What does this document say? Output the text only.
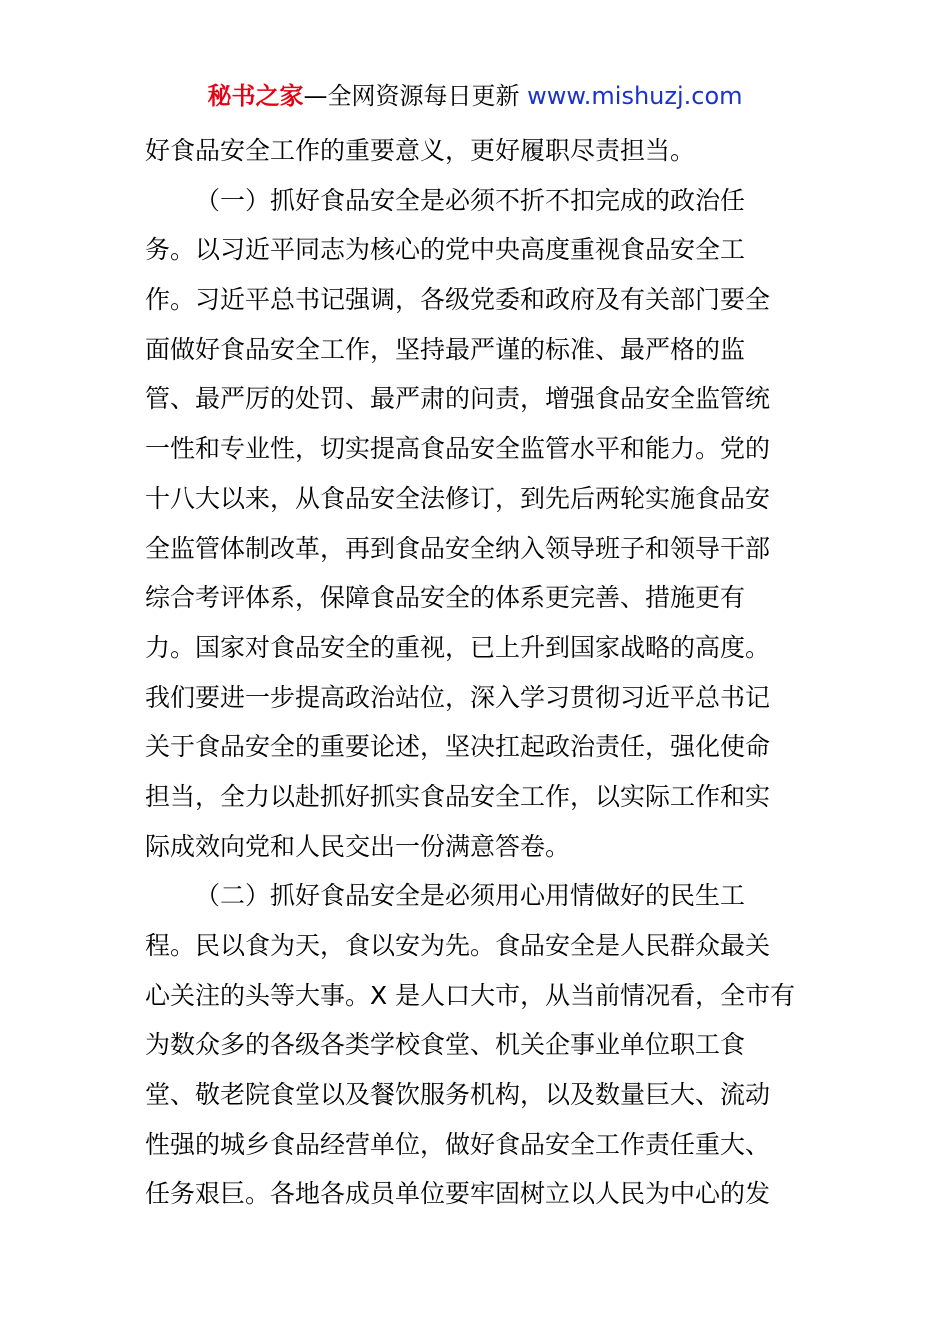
秘书之家—全网资源每日更新 www.mishuzj.com
好食品安全工作的重要意义，更好履职尽责担当。
（一）抓好食品安全是必须不折不扣完成的政治任
务。以习近平同志为核心的党中央高度重视食品安全工
作。习近平总书记强调，各级党委和政府及有关部门要全
面做好食品安全工作，坚持最严谨的标准、最严格的监
管、最严厉的处罚、最严肃的问责，增强食品安全监管统
一性和专业性，切实提高食品安全监管水平和能力。党的
十八大以来，从食品安全法修订，到先后两轮实施食品安
全监管体制改革，再到食品安全纳入领导班子和领导干部
综合考评体系，保障食品安全的体系更完善、措施更有
力。国家对食品安全的重视，已上升到国家战略的高度。
我们要进一步提高政治站位，深入学习贯彻习近平总书记
关于食品安全的重要论述，坚决扛起政治责任，强化使命
担当，全力以赴抓好抓实食品安全工作，以实际工作和实
际成效向党和人民交出一份满意答卷。
（二）抓好食品安全是必须用心用情做好的民生工
程。民以食为天，食以安为先。食品安全是人民群众最关
心关注的头等大事。X 是人口大市，从当前情况看，全市有
为数众多的各级各类学校食堂、机关企事业单位职工食
堂、敬老院食堂以及餐饮服务机构，以及数量巨大、流动
性强的城乡食品经营单位，做好食品安全工作责任重大、
任务艰巨。各地各成员单位要牢固树立以人民为中心的发
